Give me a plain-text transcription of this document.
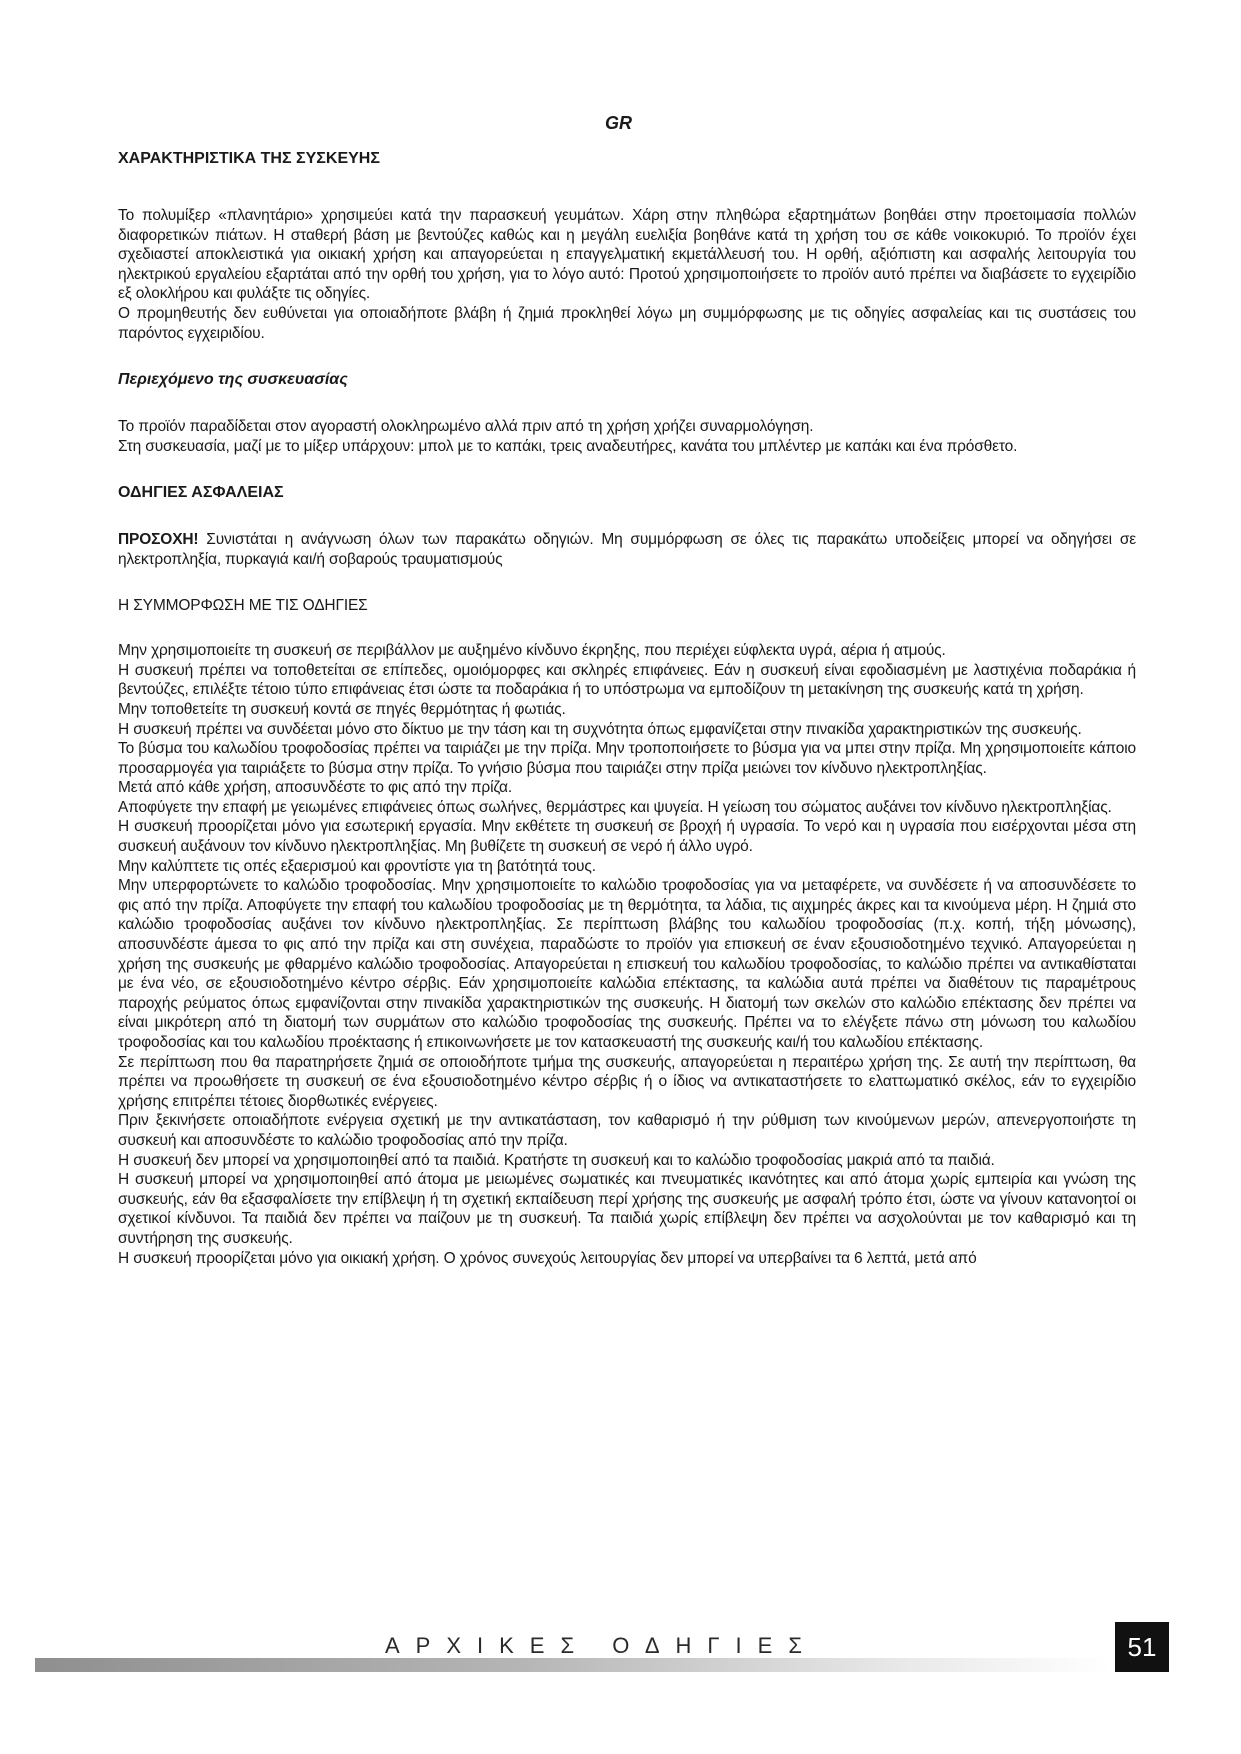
GR
ΧΑΡΑΚΤΗΡΙΣΤΙΚΑ ΤΗΣ ΣΥΣΚΕΥΗΣ

Το πολυμίξερ «πλανητάριο» χρησιμεύει κατά την παρασκευή γευμάτων. Χάρη στην πληθώρα εξαρτημάτων βοηθάει στην προετοιμασία πολλών διαφορετικών πιάτων. Η σταθερή βάση με βεντούζες καθώς και η μεγάλη ευελιξία βοηθάνε κατά τη χρήση του σε κάθε νοικοκυριό. Το προϊόν έχει σχεδιαστεί αποκλειστικά για οικιακή χρήση και απαγορεύεται η επαγγελματική εκμετάλλευσή του. Η ορθή, αξιόπιστη και ασφαλής λειτουργία του ηλεκτρικού εργαλείου εξαρτάται από την ορθή του χρήση, για το λόγο αυτό: Προτού χρησιμοποιήσετε το προϊόν αυτό πρέπει να διαβάσετε το εγχειρίδιο εξ ολοκλήρου και φυλάξτε τις οδηγίες.

Ο προμηθευτής δεν ευθύνεται για οποιαδήποτε βλάβη ή ζημιά προκληθεί λόγω μη συμμόρφωσης με τις οδηγίες ασφαλείας και τις συστάσεις του παρόντος εγχειριδίου.

Περιεχόμενο της συσκευασίας

Το προϊόν παραδίδεται στον αγοραστή ολοκληρωμένο αλλά πριν από τη χρήση χρήζει συναρμολόγηση.

Στη συσκευασία, μαζί με το μίξερ υπάρχουν: μπολ με το καπάκι, τρεις αναδευτήρες, κανάτα του μπλέντερ με καπάκι και ένα πρόσθετο.

ΟΔΗΓΙΕΣ ΑΣΦΑΛΕΙΑΣ

ΠΡΟΣΟΧΗ! Συνιστάται η ανάγνωση όλων των παρακάτω οδηγιών. Μη συμμόρφωση σε όλες τις παρακάτω υποδείξεις μπορεί να οδηγήσει σε ηλεκτροπληξία, πυρκαγιά και/ή σοβαρούς τραυματισμούς

Η ΣΥΜΜΟΡΦΩΣΗ ΜΕ ΤΙΣ ΟΔΗΓΙΕΣ

Μην χρησιμοποιείτε τη συσκευή σε περιβάλλον με αυξημένο κίνδυνο έκρηξης, που περιέχει εύφλεκτα υγρά, αέρια ή ατμούς.

Η συσκευή πρέπει να τοποθετείται σε επίπεδες, ομοιόμορφες και σκληρές επιφάνειες. Εάν η συσκευή είναι εφοδιασμένη με λαστιχένια ποδαράκια ή βεντούζες, επιλέξτε τέτοιο τύπο επιφάνειας έτσι ώστε τα ποδαράκια ή το υπόστρωμα να εμποδίζουν τη μετακίνηση της συσκευής κατά τη χρήση.

Μην τοποθετείτε τη συσκευή κοντά σε πηγές θερμότητας ή φωτιάς.

Η συσκευή πρέπει να συνδέεται μόνο στο δίκτυο με την τάση και τη συχνότητα όπως εμφανίζεται στην πινακίδα χαρακτηριστικών της συσκευής.

Το βύσμα του καλωδίου τροφοδοσίας πρέπει να ταιριάζει με την πρίζα. Μην τροποποιήσετε το βύσμα για να μπει στην πρίζα. Μη χρησιμοποιείτε κάποιο προσαρμογέα για ταιριάξετε το βύσμα στην πρίζα. Το γνήσιο βύσμα που ταιριάζει στην πρίζα μειώνει τον κίνδυνο ηλεκτροπληξίας.

Μετά από κάθε χρήση, αποσυνδέστε το φις από την πρίζα.

Αποφύγετε την επαφή με γειωμένες επιφάνειες όπως σωλήνες, θερμάστρες και ψυγεία. Η γείωση του σώματος αυξάνει τον κίνδυνο ηλεκτροπληξίας.

Η συσκευή προορίζεται μόνο για εσωτερική εργασία. Μην εκθέτετε τη συσκευή σε βροχή ή υγρασία. Το νερό και η υγρασία που εισέρχονται μέσα στη συσκευή αυξάνουν τον κίνδυνο ηλεκτροπληξίας. Μη βυθίζετε τη συσκευή σε νερό ή άλλο υγρό.

Μην καλύπτετε τις οπές εξαερισμού και φροντίστε για τη βατότητά τους.

Μην υπερφορτώνετε το καλώδιο τροφοδοσίας. Μην χρησιμοποιείτε το καλώδιο τροφοδοσίας για να μεταφέρετε, να συνδέσετε ή να αποσυνδέσετε το φις από την πρίζα. Αποφύγετε την επαφή του καλωδίου τροφοδοσίας με τη θερμότητα, τα λάδια, τις αιχμηρές άκρες και τα κινούμενα μέρη. Η ζημιά στο καλώδιο τροφοδοσίας αυξάνει τον κίνδυνο ηλεκτροπληξίας. Σε περίπτωση βλάβης του καλωδίου τροφοδοσίας (π.χ. κοπή, τήξη μόνωσης), αποσυνδέστε άμεσα το φις από την πρίζα και στη συνέχεια, παραδώστε το προϊόν για επισκευή σε έναν εξουσιοδοτημένο τεχνικό. Απαγορεύεται η χρήση της συσκευής με φθαρμένο καλώδιο τροφοδοσίας. Απαγορεύεται η επισκευή του καλωδίου τροφοδοσίας, το καλώδιο πρέπει να αντικαθίσταται με ένα νέο, σε εξουσιοδοτημένο κέντρο σέρβις. Εάν χρησιμοποιείτε καλώδια επέκτασης, τα καλώδια αυτά πρέπει να διαθέτουν τις παραμέτρους παροχής ρεύματος όπως εμφανίζονται στην πινακίδα χαρακτηριστικών της συσκευής. Η διατομή των σκελών στο καλώδιο επέκτασης δεν πρέπει να είναι μικρότερη από τη διατομή των συρμάτων στο καλώδιο τροφοδοσίας της συσκευής. Πρέπει να το ελέγξετε πάνω στη μόνωση του καλωδίου τροφοδοσίας και του καλωδίου προέκτασης ή επικοινωνήσετε με τον κατασκευαστή της συσκευής και/ή του καλωδίου επέκτασης.

Σε περίπτωση που θα παρατηρήσετε ζημιά σε οποιοδήποτε τμήμα της συσκευής, απαγορεύεται η περαιτέρω χρήση της. Σε αυτή την περίπτωση, θα πρέπει να προωθήσετε τη συσκευή σε ένα εξουσιοδοτημένο κέντρο σέρβις ή ο ίδιος να αντικαταστήσετε το ελαττωματικό σκέλος, εάν το εγχειρίδιο χρήσης επιτρέπει τέτοιες διορθωτικές ενέργειες.

Πριν ξεκινήσετε οποιαδήποτε ενέργεια σχετική με την αντικατάσταση, τον καθαρισμό ή την ρύθμιση των κινούμενων μερών, απενεργοποιήστε τη συσκευή και αποσυνδέστε το καλώδιο τροφοδοσίας από την πρίζα.

Η συσκευή δεν μπορεί να χρησιμοποιηθεί από τα παιδιά. Κρατήστε τη συσκευή και το καλώδιο τροφοδοσίας μακριά από τα παιδιά.

Η συσκευή μπορεί να χρησιμοποιηθεί από άτομα με μειωμένες σωματικές και πνευματικές ικανότητες και από άτομα χωρίς εμπειρία και γνώση της συσκευής, εάν θα εξασφαλίσετε την επίβλεψη ή τη σχετική εκπαίδευση περί χρήσης της συσκευής με ασφαλή τρόπο έτσι, ώστε να γίνουν κατανοητοί οι σχετικοί κίνδυνοι. Τα παιδιά δεν πρέπει να παίζουν με τη συσκευή. Τα παιδιά χωρίς επίβλεψη δεν πρέπει να ασχολούνται με τον καθαρισμό και τη συντήρηση της συσκευής.

Η συσκευή προορίζεται μόνο για οικιακή χρήση. Ο χρόνος συνεχούς λειτουργίας δεν μπορεί να υπερβαίνει τα 6 λεπτά, μετά από

ΑΡΧΙΚΕΣ ΟΔΗΓΙΕΣ	51
